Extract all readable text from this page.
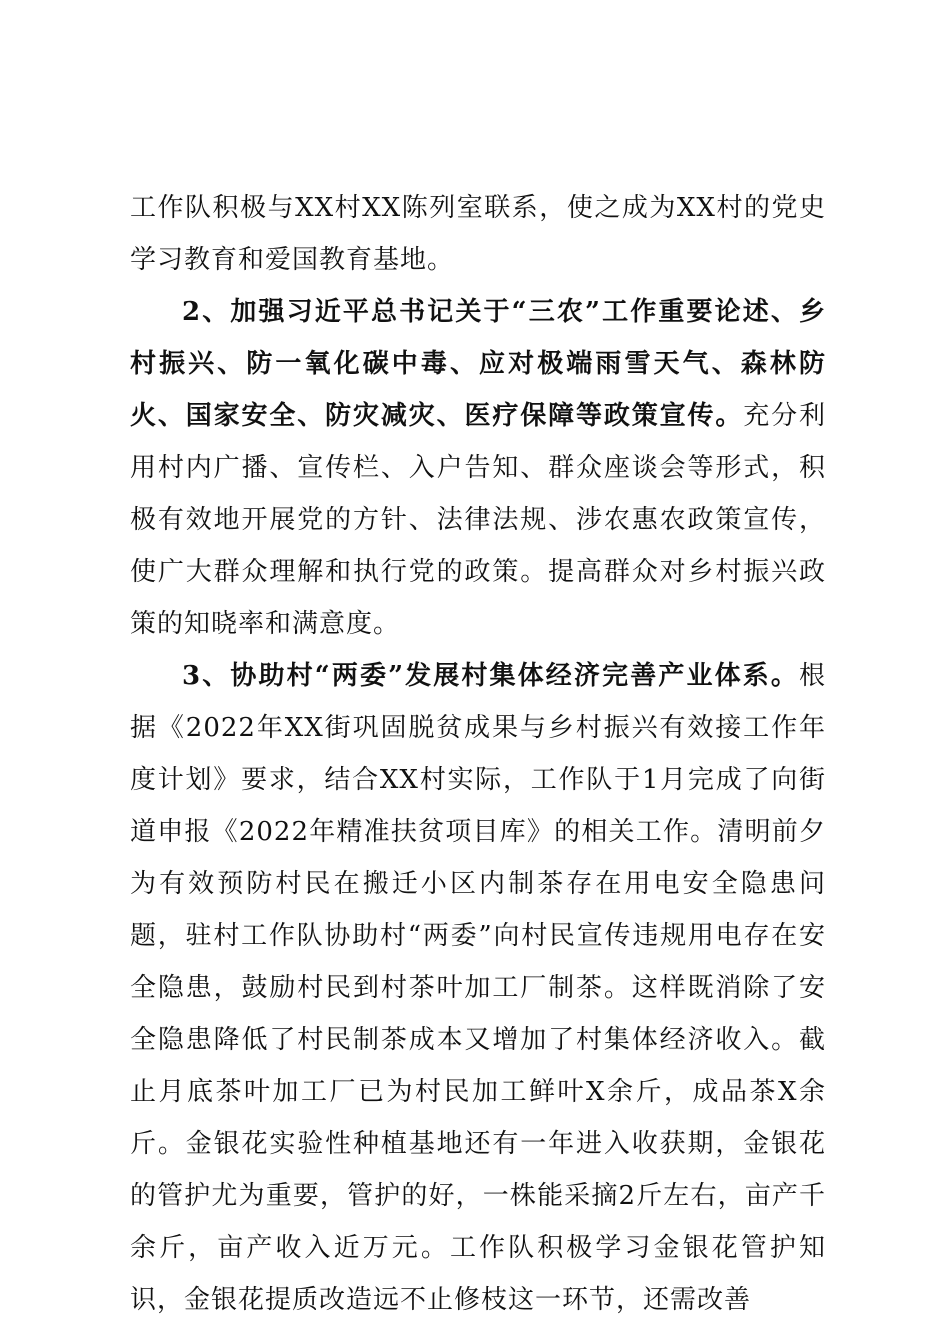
工作队积极与XX村XX陈列室联系，使之成为XX村的党史学习教育和爱国教育基地。

2、加强习近平总书记关于“三农”工作重要论述、乡村振兴、防一氧化碳中毒、应对极端雨雪天气、森林防火、国家安全、防灾减灾、医疗保障等政策宣传。充分利用村内广播、宣传栏、入户告知、群众座谈会等形式，积极有效地开展党的方针、法律法规、涉农惠农政策宣传，使广大群众理解和执行党的政策。提高群众对乡村振兴政策的知晓率和满意度。

3、协助村“两委”发展村集体经济完善产业体系。根据《2022年XX街巩固脱贫成果与乡村振兴有效接工作年度计划》要求，结合XX村实际，工作队于1月完成了向街道申报《2022年精准扶贫项目库》的相关工作。清明前夕为有效预防村民在搬迁小区内制茶存在用电安全隐患问题，驻村工作队协助村“两委”向村民宣传违规用电存在安全隐患，鼓励村民到村茶叶加工厂制茶。这样既消除了安全隐患降低了村民制茶成本又增加了村集体经济收入。截止月底茶叶加工厂已为村民加工鲜叶X余斤，成品茶X余斤。金银花实验性种植基地还有一年进入收获期，金银花的管护尤为重要，管护的好，一株能采摘2斤左右，亩产千余斤，亩产收入近万元。工作队积极学习金银花管护知识，金银花提质改造远不止修枝这一环节，还需改善
